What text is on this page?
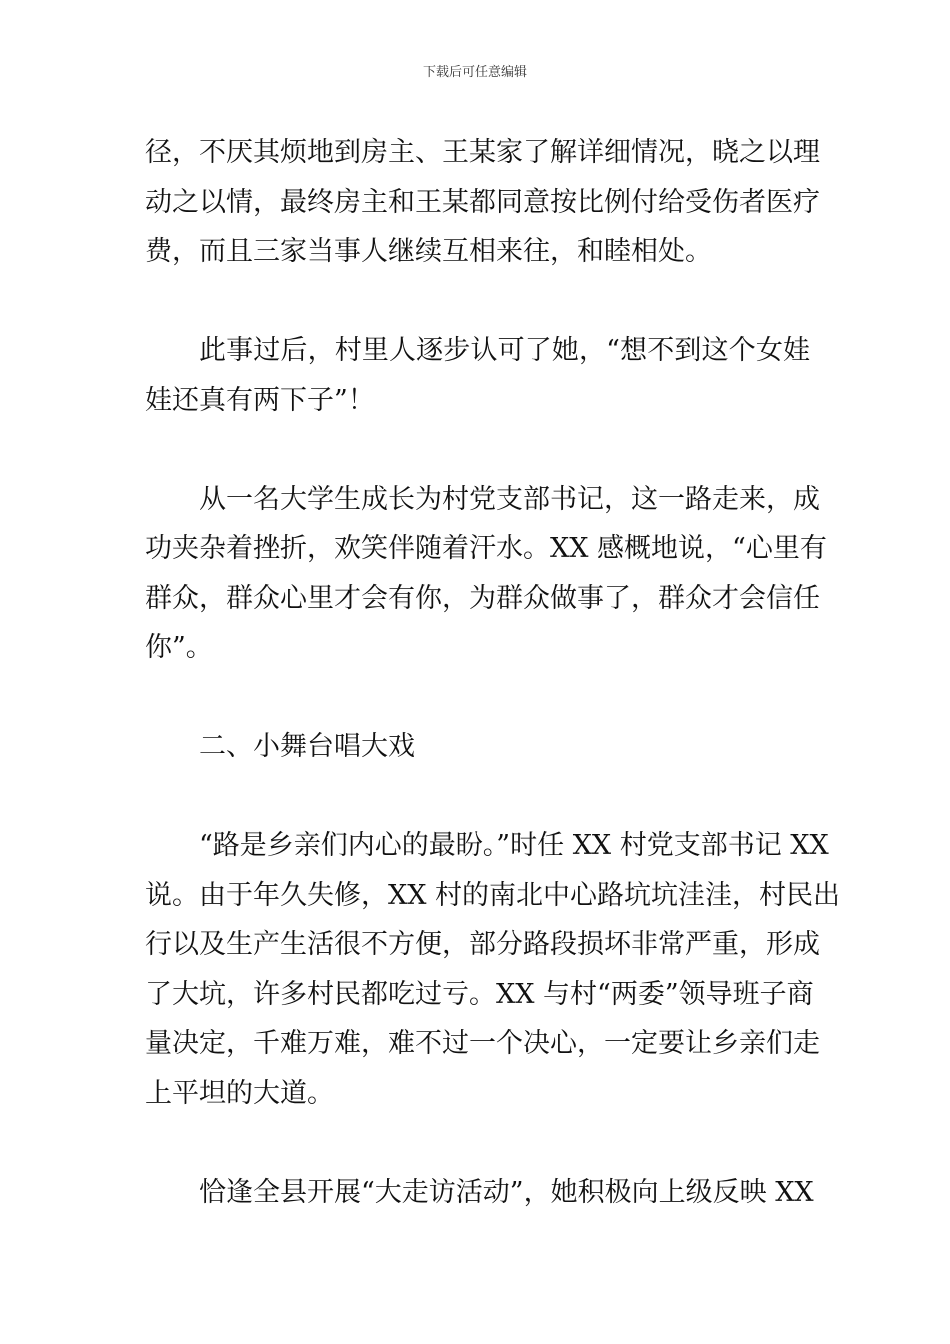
下载后可任意编辑

径，不厌其烦地到房主、王某家了解详细情况，晓之以理
动之以情，最终房主和王某都同意按比例付给受伤者医疗
费，而且三家当事人继续互相来往，和睦相处。

此事过后，村里人逐步认可了她，“想不到这个女娃
娃还真有两下子”！

从一名大学生成长为村党支部书记，这一路走来，成
功夹杂着挫折，欢笑伴随着汗水。XX 感概地说，“心里有
群众，群众心里才会有你，为群众做事了，群众才会信任
你”。

二、小舞台唱大戏

“路是乡亲们内心的最盼。”时任 XX 村党支部书记 XX
说。由于年久失修，XX 村的南北中心路坑坑洼洼，村民出
行以及生产生活很不方便，部分路段损坏非常严重，形成
了大坑，许多村民都吃过亏。XX 与村“两委”领导班子商
量决定，千难万难，难不过一个决心，一定要让乡亲们走
上平坦的大道。

恰逢全县开展“大走访活动”，她积极向上级反映 XX
